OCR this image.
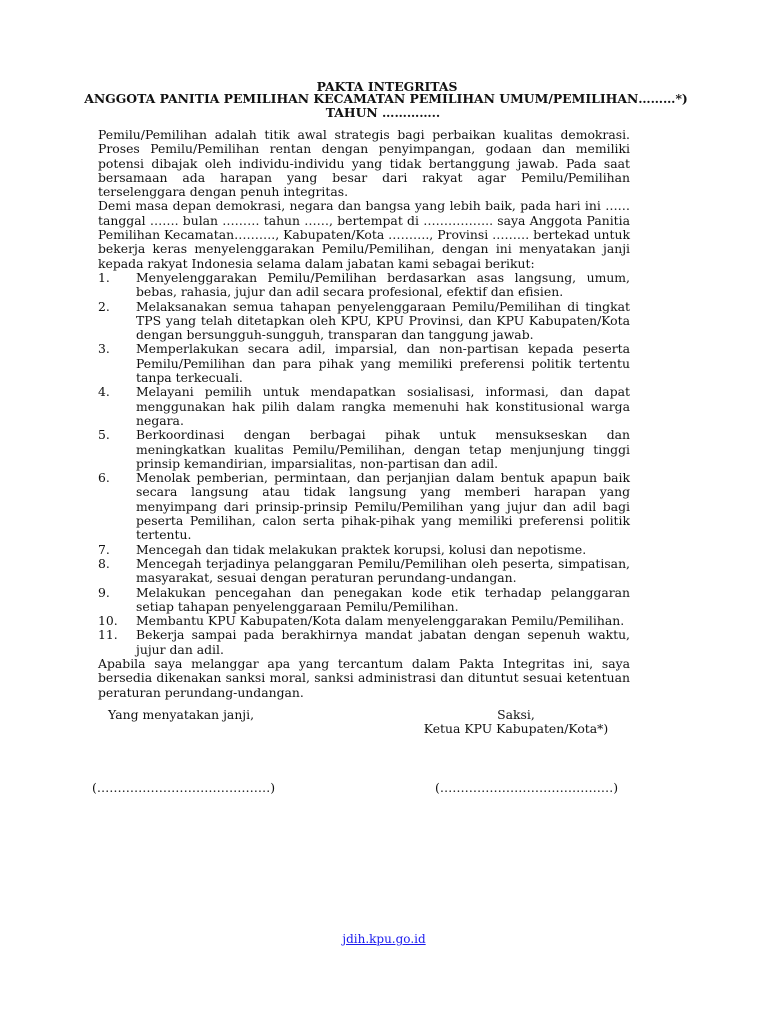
PAKTA INTEGRITAS

ANGGOTA PANITIA PEMILIHAN KECAMATAN PEMILIHAN UMUM/PEMILIHAN………*)

TAHUN …………..

Pemilu/Pemilihan adalah titik awal strategis bagi perbaikan kualitas demokrasi. Proses Pemilu/Pemilihan rentan dengan penyimpangan, godaan dan memiliki potensi dibajak oleh individu-individu yang tidak bertanggung jawab. Pada saat bersamaan ada harapan yang besar dari rakyat agar Pemilu/Pemilihan terselenggara dengan penuh integritas.

Demi masa depan demokrasi, negara dan bangsa yang lebih baik, pada hari ini …… tanggal ……. bulan ……… tahun ……, bertempat di …………….. saya Anggota Panitia Pemilihan Kecamatan………., Kabupaten/Kota ………., Provinsi ……… bertekad untuk bekerja keras menyelenggarakan Pemilu/Pemilihan, dengan ini menyatakan janji kepada rakyat Indonesia selama dalam jabatan kami sebagai berikut:

1. Menyelenggarakan Pemilu/Pemilihan berdasarkan asas langsung, umum, bebas, rahasia, jujur dan adil secara profesional, efektif dan efisien.
2. Melaksanakan semua tahapan penyelenggaraan Pemilu/Pemilihan di tingkat TPS yang telah ditetapkan oleh KPU, KPU Provinsi, dan KPU Kabupaten/Kota dengan bersungguh-sungguh, transparan dan tanggung jawab.
3. Memperlakukan secara adil, imparsial, dan non-partisan kepada peserta Pemilu/Pemilihan dan para pihak yang memiliki preferensi politik tertentu tanpa terkecuali.
4. Melayani pemilih untuk mendapatkan sosialisasi, informasi, dan dapat menggunakan hak pilih dalam rangka memenuhi hak konstitusional warga negara.
5. Berkoordinasi dengan berbagai pihak untuk mensukseskan dan meningkatkan kualitas Pemilu/Pemilihan, dengan tetap menjunjung tinggi prinsip kemandirian, imparsialitas, non-partisan dan adil.
6. Menolak pemberian, permintaan, dan perjanjian dalam bentuk apapun baik secara langsung atau tidak langsung yang memberi harapan yang menyimpang dari prinsip-prinsip Pemilu/Pemilihan yang jujur dan adil bagi peserta Pemilihan, calon serta pihak-pihak yang memiliki preferensi politik tertentu.
7. Mencegah dan tidak melakukan praktek korupsi, kolusi dan nepotisme.
8. Mencegah terjadinya pelanggaran Pemilu/Pemilihan oleh peserta, simpatisan, masyarakat, sesuai dengan peraturan perundang-undangan.
9. Melakukan pencegahan dan penegakan kode etik terhadap pelanggaran setiap tahapan penyelenggaraan Pemilu/Pemilihan.
10. Membantu KPU Kabupaten/Kota dalam menyelenggarakan Pemilu/Pemilihan.
11. Bekerja sampai pada berakhirnya mandat jabatan dengan sepenuh waktu, jujur dan adil.

Apabila saya melanggar apa yang tercantum dalam Pakta Integritas ini, saya bersedia dikenakan sanksi moral, sanksi administrasi dan dituntut sesuai ketentuan peraturan perundang-undangan.

Yang menyatakan janji,	Saksi,
Ketua KPU Kabupaten/Kota*)
(……………………………………)	(……………………………………)
jdih.kpu.go.id
